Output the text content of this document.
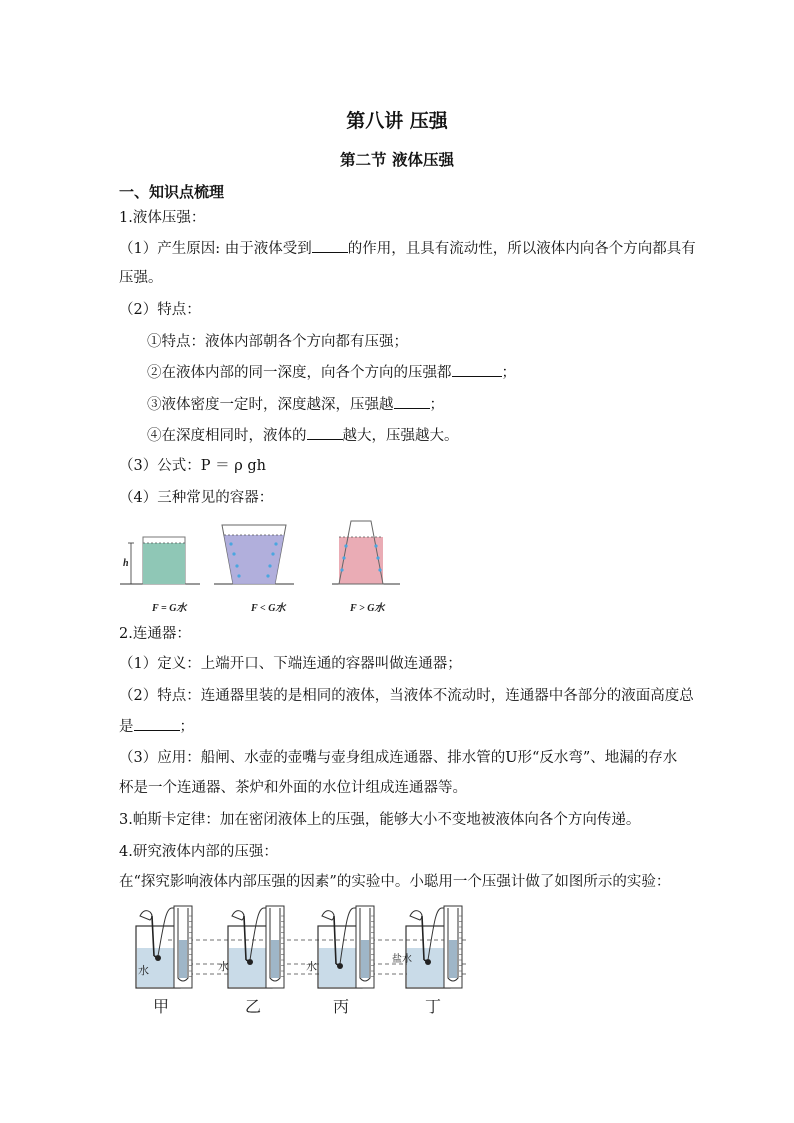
第八讲 压强
第二节 液体压强
一、知识点梳理
1.液体压强：
（1）产生原因: 由于液体受到 的作用，且具有流动性，所以液体内向各个方向都具有
压强。
（2）特点：
①特点：液体内部朝各个方向都有压强；
②在液体内部的同一深度，向各个方向的压强都	；
③液体密度一定时，深度越深，压强越 ；
④在深度相同时，液体的 越大，压强越大。
（3）公式：P ＝ ρ gh
（4）三种常见的容器：
h
F = G水	F < G水	F > G水
2.连通器：
（1）定义：上端开口、下端连通的容器叫做连通器；
（2）特点：连通器里装的是相同的液体，当液体不流动时，连通器中各部分的液面高度总
是	；
（3）应用：船闸、水壶的壶嘴与壶身组成连通器、排水管的U形“反水弯”、地漏的存水
杯是一个连通器、茶炉和外面的水位计组成连通器等。
3.帕斯卡定律：加在密闭液体上的压强，能够大小不变地被液体向各个方向传递。
4.研究液体内部的压强：
在“探究影响液体内部压强的因素”的实验中。小聪用一个压强计做了如图所示的实验：
水	水	水
盐水
甲	乙	丙	丁
